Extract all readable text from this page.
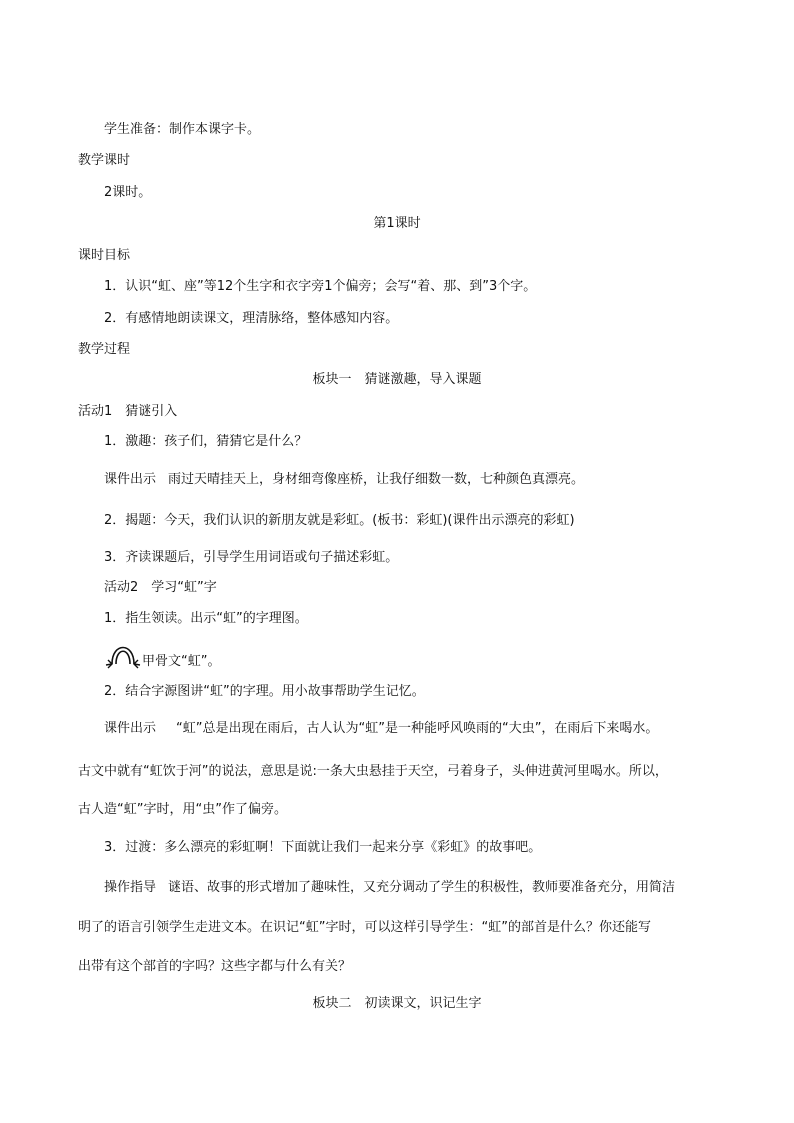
学生准备：制作本课字卡。
教学课时
2课时。
第1课时
课时目标
1．认识“虹、座”等12个生字和衣字旁1个偏旁；会写“着、那、到”3个字。
2．有感情地朗读课文，理清脉络，整体感知内容。
教学过程
板块一　猜谜激趣，导入课题
活动1　猜谜引入
1．激趣：孩子们，猜猜它是什么？
课件出示 雨过天晴挂天上，身材细弯像座桥，让我仔细数一数，七种颜色真漂亮。
2．揭题：今天，我们认识的新朋友就是彩虹。(板书：彩虹)(课件出示漂亮的彩虹)
3．齐读课题后，引导学生用词语或句子描述彩虹。
活动2　学习“虹”字
1．指生领读。出示“虹”的字理图。
甲骨文“虹”。
2．结合字源图讲“虹”的字理。用小故事帮助学生记忆。
课件出示 “虹”总是出现在雨后，古人认为“虹”是一种能呼风唤雨的“大虫”，在雨后下来喝水。
古文中就有“虹饮于河”的说法，意思是说:一条大虫悬挂于天空，弓着身子，头伸进黄河里喝水。所以，
古人造“虹”字时，用“虫”作了偏旁。
3．过渡：多么漂亮的彩虹啊！下面就让我们一起来分享《彩虹》的故事吧。
操作指导 谜语、故事的形式增加了趣味性，又充分调动了学生的积极性，教师要准备充分，用简洁
明了的语言引领学生走进文本。在识记“虹”字时，可以这样引导学生：“虹”的部首是什么？你还能写
出带有这个部首的字吗？这些字都与什么有关？
板块二　初读课文，识记生字
